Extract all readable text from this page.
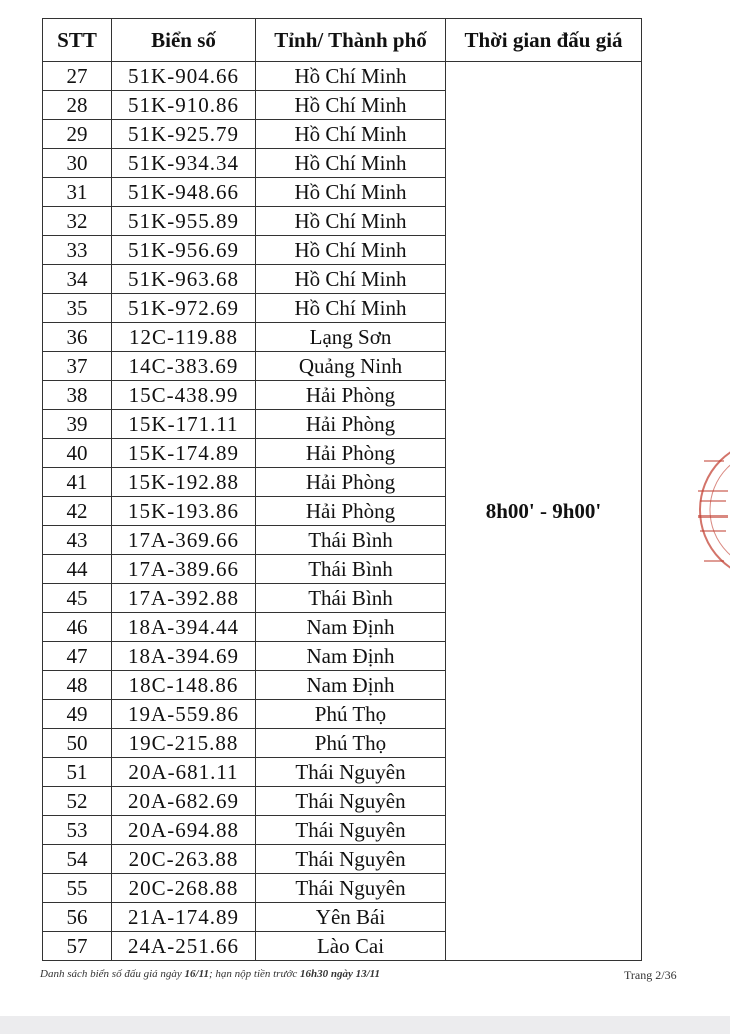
STT	Biển số	Tỉnh/ Thành phố	Thời gian đấu giá
27	51K-904.66	Hồ Chí Minh	8h00' - 9h00'
28	51K-910.86	Hồ Chí Minh	
29	51K-925.79	Hồ Chí Minh	
30	51K-934.34	Hồ Chí Minh	
31	51K-948.66	Hồ Chí Minh	
32	51K-955.89	Hồ Chí Minh	
33	51K-956.69	Hồ Chí Minh	
34	51K-963.68	Hồ Chí Minh	
35	51K-972.69	Hồ Chí Minh	
36	12C-119.88	Lạng Sơn	
37	14C-383.69	Quảng Ninh	
38	15C-438.99	Hải Phòng	
39	15K-171.11	Hải Phòng	
40	15K-174.89	Hải Phòng	
41	15K-192.88	Hải Phòng	
42	15K-193.86	Hải Phòng	
43	17A-369.66	Thái Bình	
44	17A-389.66	Thái Bình	
45	17A-392.88	Thái Bình	
46	18A-394.44	Nam Định	
47	18A-394.69	Nam Định	
48	18C-148.86	Nam Định	
49	19A-559.86	Phú Thọ	
50	19C-215.88	Phú Thọ	
51	20A-681.11	Thái Nguyên	
52	20A-682.69	Thái Nguyên	
53	20A-694.88	Thái Nguyên	
54	20C-263.88	Thái Nguyên	
55	20C-268.88	Thái Nguyên	
56	21A-174.89	Yên Bái	
57	24A-251.66	Lào Cai	
Danh sách biển số đấu giá ngày 16/11; hạn nộp tiền trước 16h30 ngày 13/11	Trang 2/36
